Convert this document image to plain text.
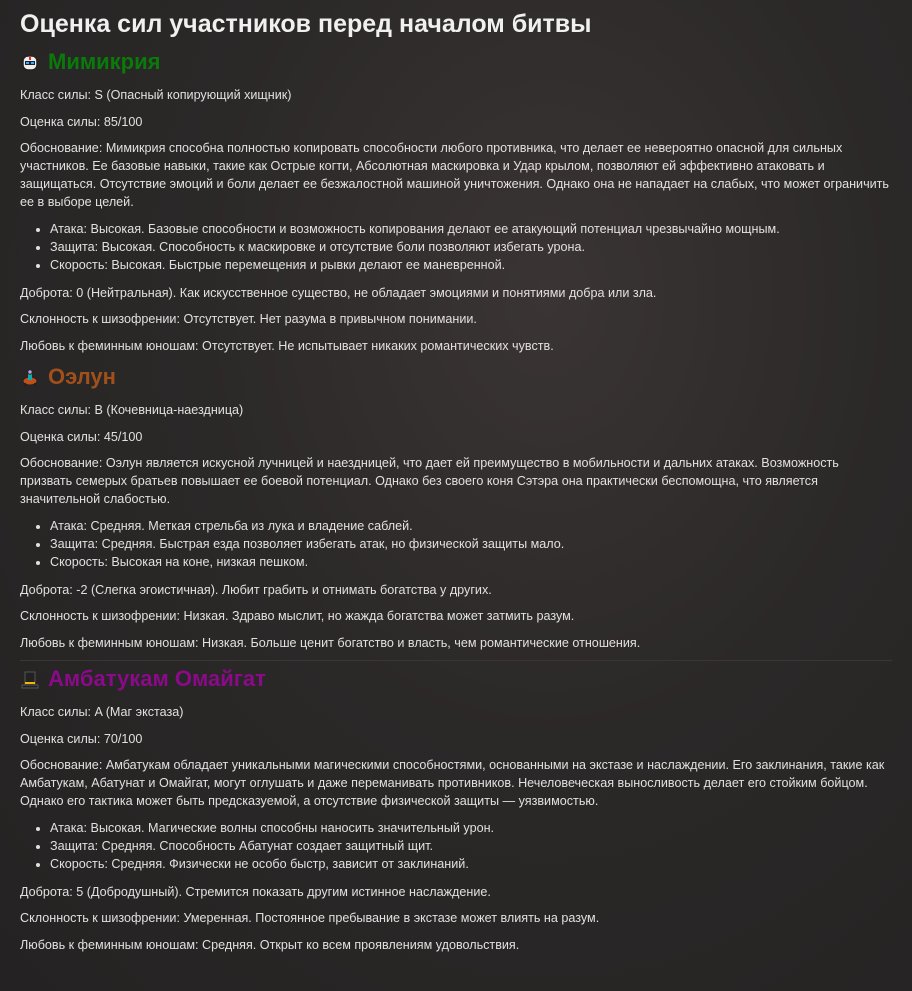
Оценка сил участников перед началом битвы
Мимикрия

Класс силы: S (Опасный копирующий хищник)

Оценка силы: 85/100

Обоснование: Мимикрия способна полностью копировать способности любого противника, что делает ее невероятно опасной для сильных участников. Ее базовые навыки, такие как Острые когти, Абсолютная маскировка и Удар крылом, позволяют ей эффективно атаковать и защищаться. Отсутствие эмоций и боли делает ее безжалостной машиной уничтожения. Однако она не нападает на слабых, что может ограничить ее в выборе целей.

• Атака: Высокая. Базовые способности и возможность копирования делают ее атакующий потенциал чрезвычайно мощным.
• Защита: Высокая. Способность к маскировке и отсутствие боли позволяют избегать урона.
• Скорость: Высокая. Быстрые перемещения и рывки делают ее маневренной.

Доброта: 0 (Нейтральная). Как искусственное существо, не обладает эмоциями и понятиями добра или зла.

Склонность к шизофрении: Отсутствует. Нет разума в привычном понимании.

Любовь к феминным юношам: Отсутствует. Не испытывает никаких романтических чувств.

Оэлун

Класс силы: B (Кочевница-наездница)

Оценка силы: 45/100

Обоснование: Оэлун является искусной лучницей и наездницей, что дает ей преимущество в мобильности и дальних атаках. Возможность призвать семерых братьев повышает ее боевой потенциал. Однако без своего коня Сэтэра она практически беспомощна, что является значительной слабостью.

• Атака: Средняя. Меткая стрельба из лука и владение саблей.
• Защита: Средняя. Быстрая езда позволяет избегать атак, но физической защиты мало.
• Скорость: Высокая на коне, низкая пешком.

Доброта: -2 (Слегка эгоистичная). Любит грабить и отнимать богатства у других.

Склонность к шизофрении: Низкая. Здраво мыслит, но жажда богатства может затмить разум.

Любовь к феминным юношам: Низкая. Больше ценит богатство и власть, чем романтические отношения.

Амбатукам Омайгат

Класс силы: A (Маг экстаза)

Оценка силы: 70/100

Обоснование: Амбатукам обладает уникальными магическими способностями, основанными на экстазе и наслаждении. Его заклинания, такие как Амбатукам, Абатунат и Омайгат, могут оглушать и даже переманивать противников. Нечеловеческая выносливость делает его стойким бойцом. Однако его тактика может быть предсказуемой, а отсутствие физической защиты — уязвимостью.

• Атака: Высокая. Магические волны способны наносить значительный урон.
• Защита: Средняя. Способность Абатунат создает защитный щит.
• Скорость: Средняя. Физически не особо быстр, зависит от заклинаний.

Доброта: 5 (Добродушный). Стремится показать другим истинное наслаждение.

Склонность к шизофрении: Умеренная. Постоянное пребывание в экстазе может влиять на разум.

Любовь к феминным юношам: Средняя. Открыт ко всем проявлениям удовольствия.
